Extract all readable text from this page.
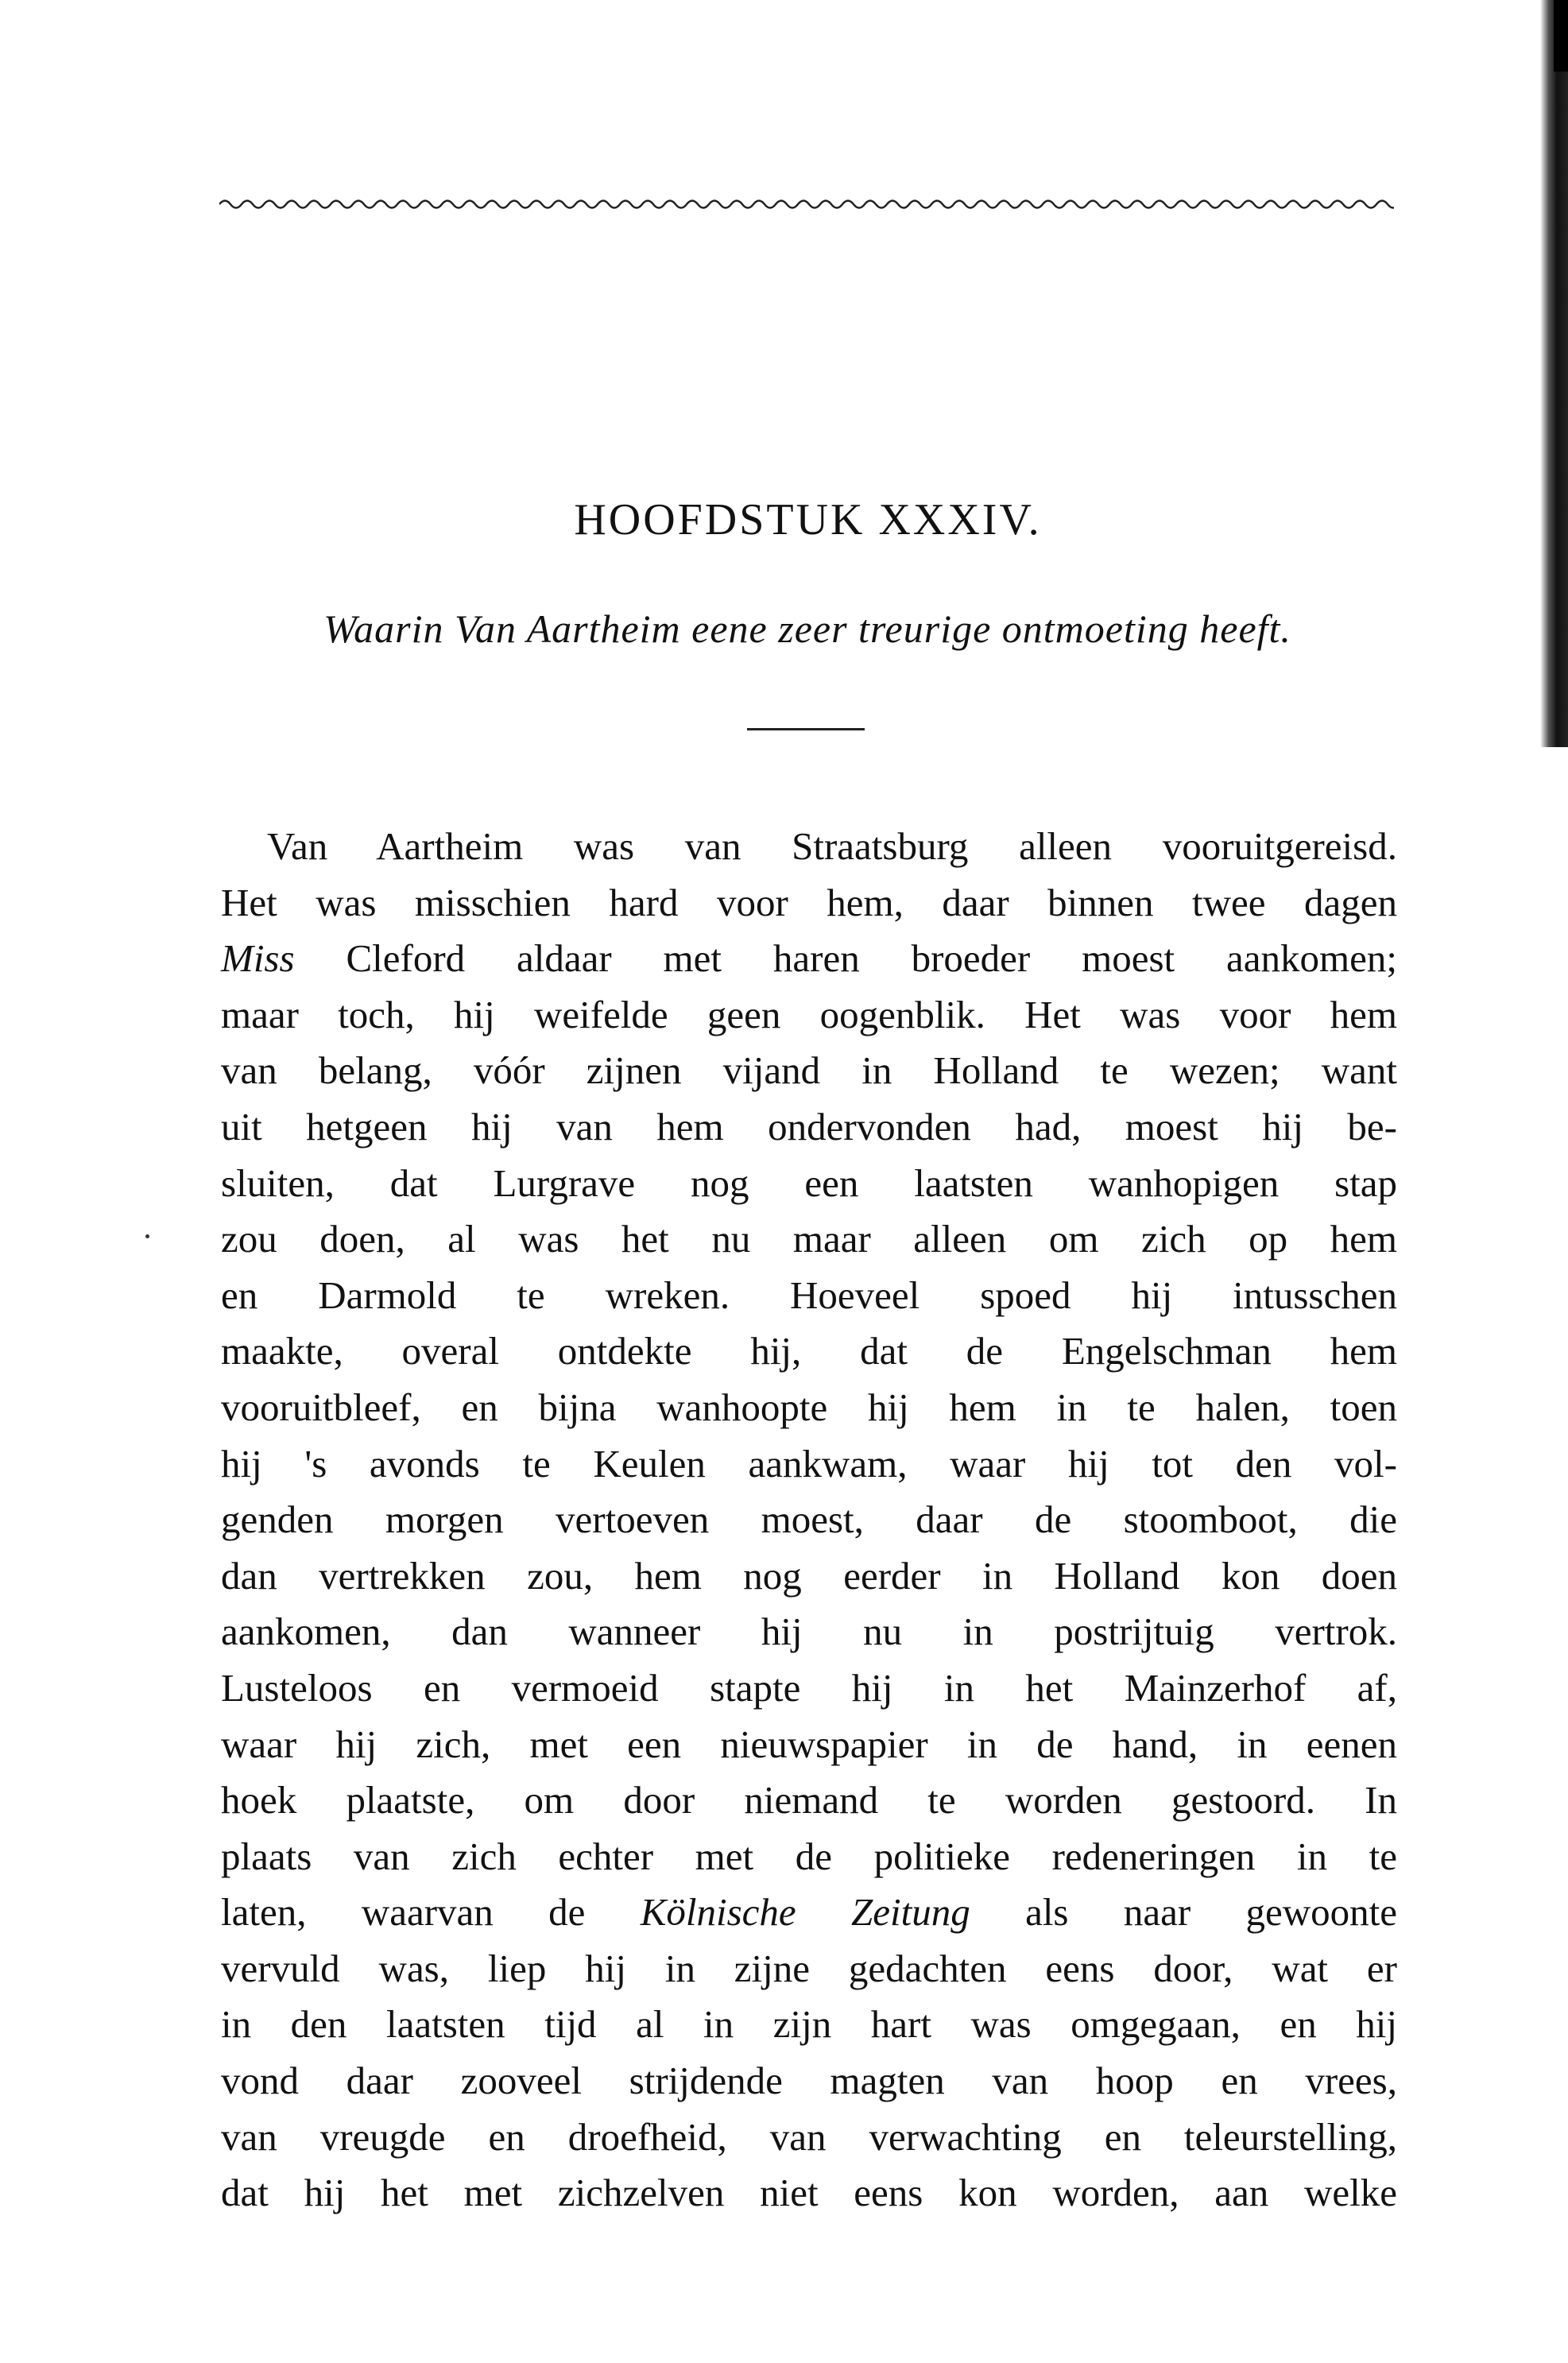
HOOFDSTUK XXXIV.
Waarin Van Aartheim eene zeer treurige ontmoeting heeft.
Van Aartheim was van Straatsburg alleen vooruitgereisd.
Het was misschien hard voor hem, daar binnen twee dagen
Miss Cleford aldaar met haren broeder moest aankomen;
maar toch, hij weifelde geen oogenblik. Het was voor hem
van belang, vóór zijnen vijand in Holland te wezen; want
uit hetgeen hij van hem ondervonden had, moest hij be-
sluiten, dat Lurgrave nog een laatsten wanhopigen stap
zou doen, al was het nu maar alleen om zich op hem
en Darmold te wreken. Hoeveel spoed hij intusschen
maakte, overal ontdekte hij, dat de Engelschman hem
vooruitbleef, en bijna wanhoopte hij hem in te halen, toen
hij 's avonds te Keulen aankwam, waar hij tot den vol-
genden morgen vertoeven moest, daar de stoomboot, die
dan vertrekken zou, hem nog eerder in Holland kon doen
aankomen, dan wanneer hij nu in postrijtuig vertrok.
Lusteloos en vermoeid stapte hij in het Mainzerhof af,
waar hij zich, met een nieuwspapier in de hand, in eenen
hoek plaatste, om door niemand te worden gestoord. In
plaats van zich echter met de politieke redeneringen in te
laten, waarvan de Kölnische Zeitung als naar gewoonte
vervuld was, liep hij in zijne gedachten eens door, wat er
in den laatsten tijd al in zijn hart was omgegaan, en hij
vond daar zooveel strijdende magten van hoop en vrees,
van vreugde en droefheid, van verwachting en teleurstelling,
dat hij het met zichzelven niet eens kon worden, aan welke
